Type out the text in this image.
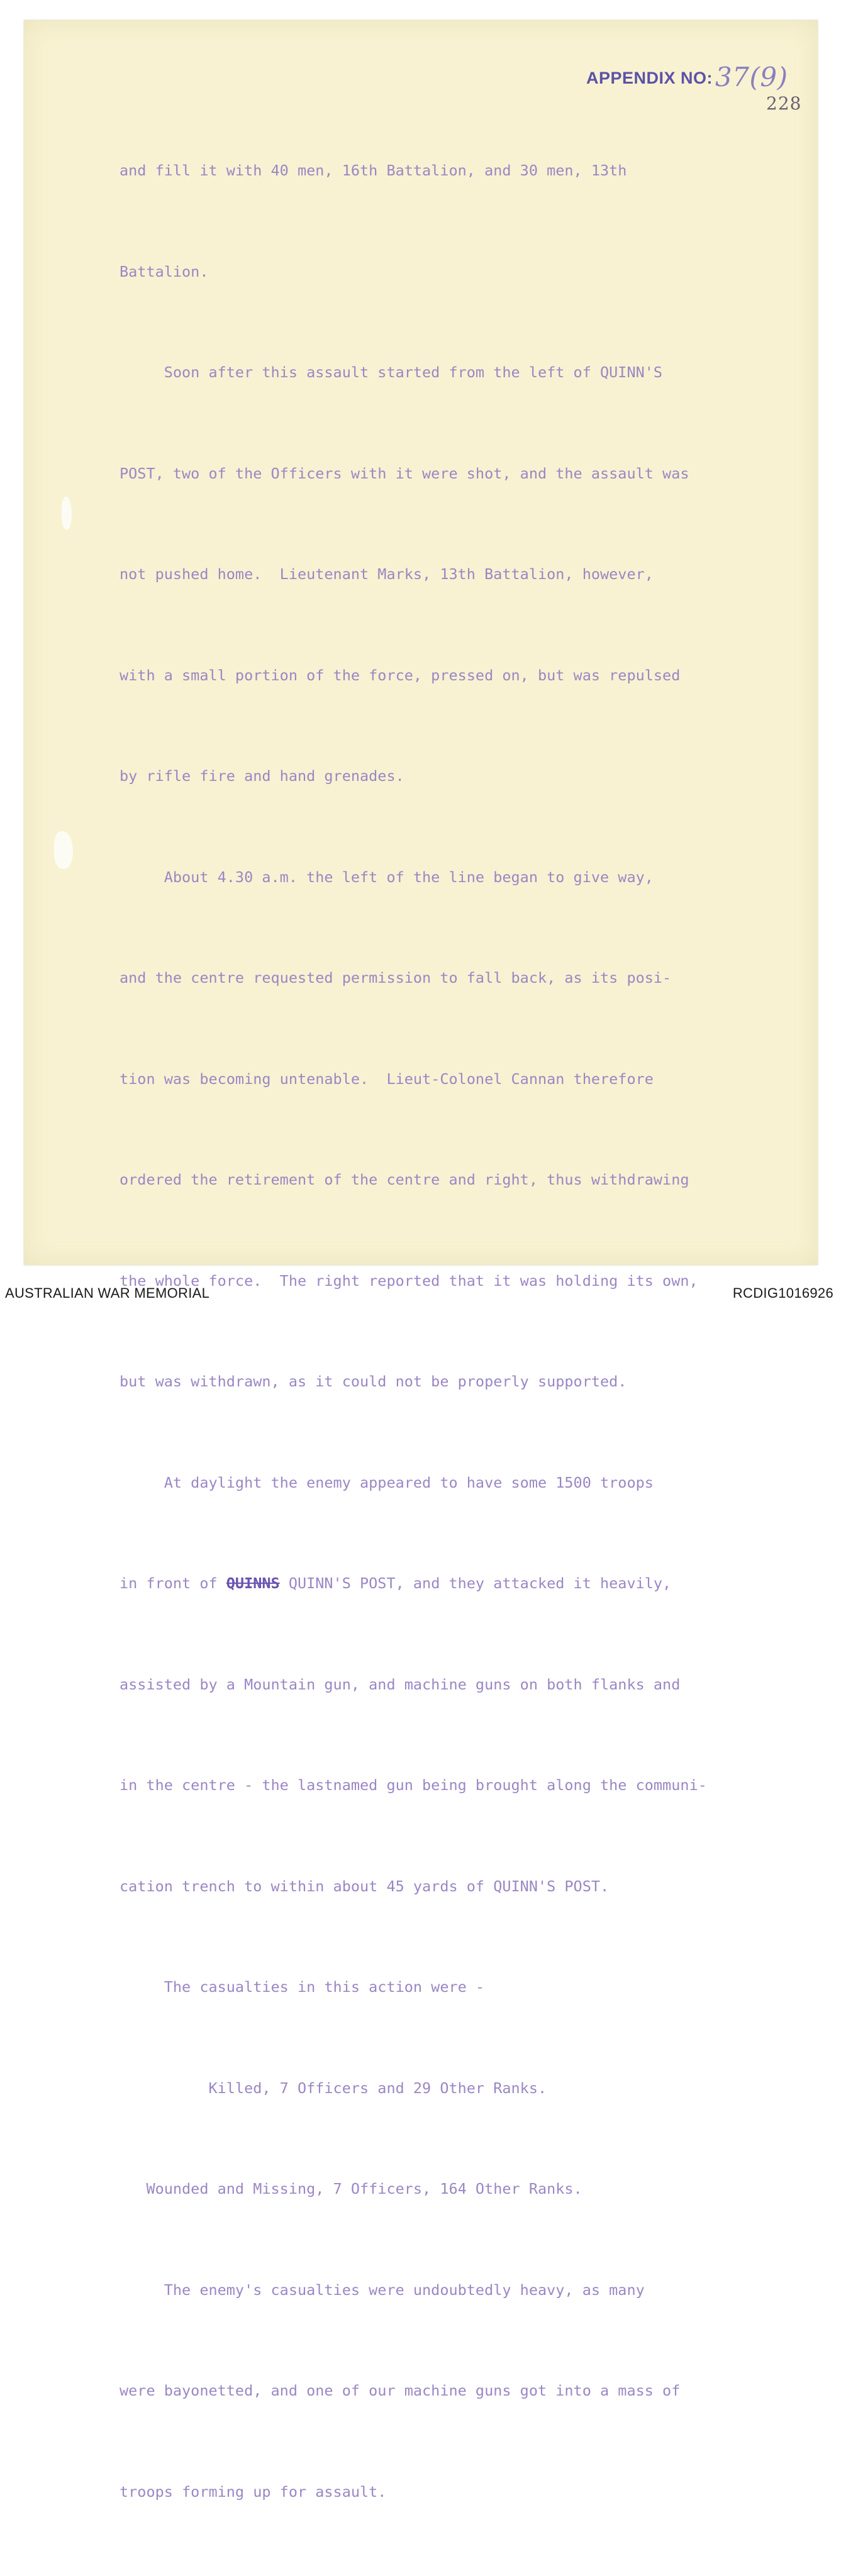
APPENDIX NO:37(9)
228

and fill it with 40 men, 16th Battalion, and 30 men, 13th

Battalion.

Soon after this assault started from the left of QUINN'S

POST, two of the Officers with it were shot, and the assault was

not pushed home.  Lieutenant Marks, 13th Battalion, however,

with a small portion of the force, pressed on, but was repulsed

by rifle fire and hand grenades.

About 4.30 a.m. the left of the line began to give way,

and the centre requested permission to fall back, as its posi-

tion was becoming untenable.  Lieut-Colonel Cannan therefore

ordered the retirement of the centre and right, thus withdrawing

the whole force.  The right reported that it was holding its own,

but was withdrawn, as it could not be properly supported.

At daylight the enemy appeared to have some 1500 troops

in front of QUINNS QUINN'S POST, and they attacked it heavily,

assisted by a Mountain gun, and machine guns on both flanks and

in the centre - the lastnamed gun being brought along the communi-

cation trench to within about 45 yards of QUINN'S POST.

The casualties in this action were -

Killed, 7 Officers and 29 Other Ranks.

Wounded and Missing, 7 Officers, 164 Other Ranks.

The enemy's casualties were undoubtedly heavy, as many

were bayonetted, and one of our machine guns got into a mass of

troops forming up for assault.

AUSTRALIAN WAR MEMORIAL	RCDIG1016926
